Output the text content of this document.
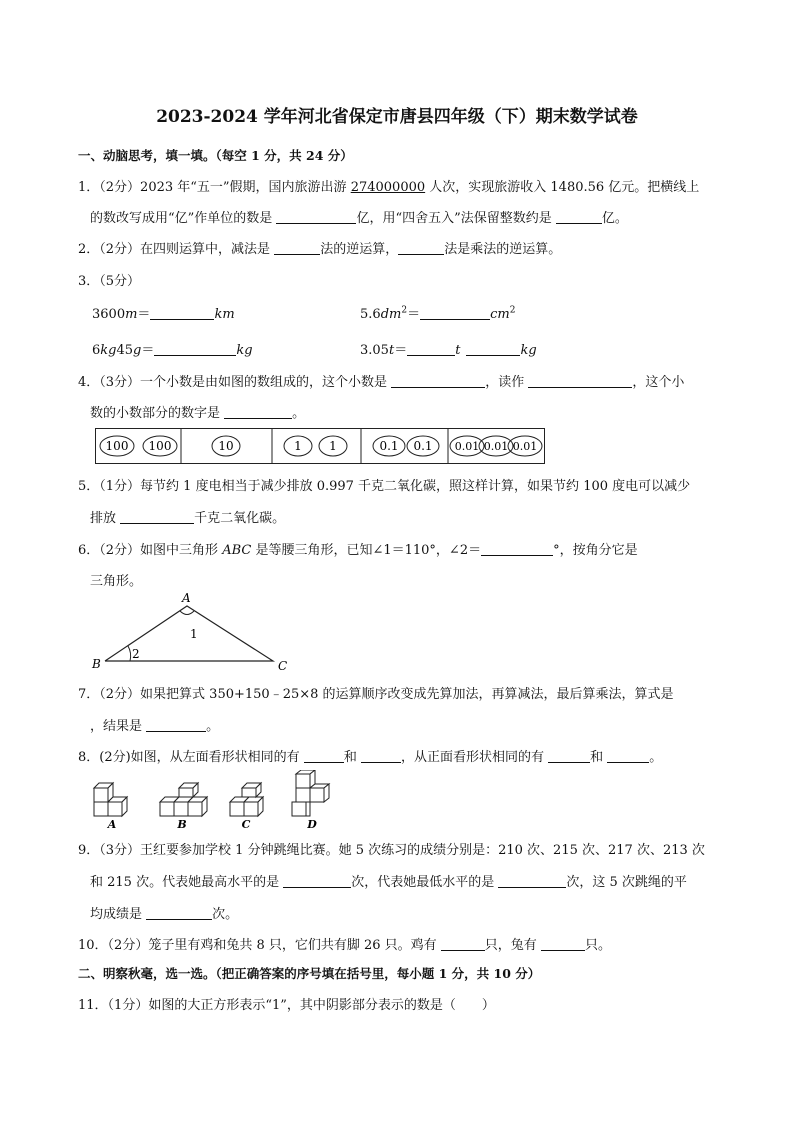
2023-2024 学年河北省保定市唐县四年级（下）期末数学试卷
一、动脑思考，填一填。（每空 1 分，共 24 分）
1．（2分）2023 年“五一”假期，国内旅游出游 274000000 人次，实现旅游收入 1480.56 亿元。把横线上
的数改写成用“亿”作单位的数是	亿，用“四舍五入”法保留整数约是	亿。
2．（2分）在四则运算中，减法是	法的逆运算，	法是乘法的逆运算。
3．（5分）
3600m＝	km	$5.6dm^2=$	$cm^2$
6kg45g＝	kg	3.05t＝	t	kg
4．（3分）一个小数是由如图的数组成的，这个小数是	，读作	，这个小
数的小数部分的数字是	。
100 100	10	1 1	0.1 0.1 0.01 0.01 0.01
5．（1分）每节约 1 度电相当于减少排放 0.997 千克二氧化碳，照这样计算，如果节约 100 度电可以减少
排放	千克二氧化碳。
6．（2分）如图中三角形 ABC 是等腰三角形，已知∠1＝110°，∠2＝	°，按角分它是
三角形。
A
B	C
1
2
7．（2分）如果把算式 350+150﹣25×8 的运算顺序改变成先算加法，再算减法，最后算乘法，算式是
，结果是	。
8．(2分)如图，从左面看形状相同的有	和	，从正面看形状相同的有	和	。
A	B	C	D
9．（3分）王红要参加学校 1 分钟跳绳比赛。她 5 次练习的成绩分别是：210 次、215 次、217 次、213 次
和 215 次。代表她最高水平的是	次，代表她最低水平的是	次，这 5 次跳绳的平
均成绩是	次。
10．（2分）笼子里有鸡和兔共 8 只，它们共有脚 26 只。鸡有	只，兔有	只。
二、明察秋毫，选一选。（把正确答案的序号填在括号里，每小题 1 分，共 10 分）
11．（1分）如图的大正方形表示“1”，其中阴影部分表示的数是（　　）
